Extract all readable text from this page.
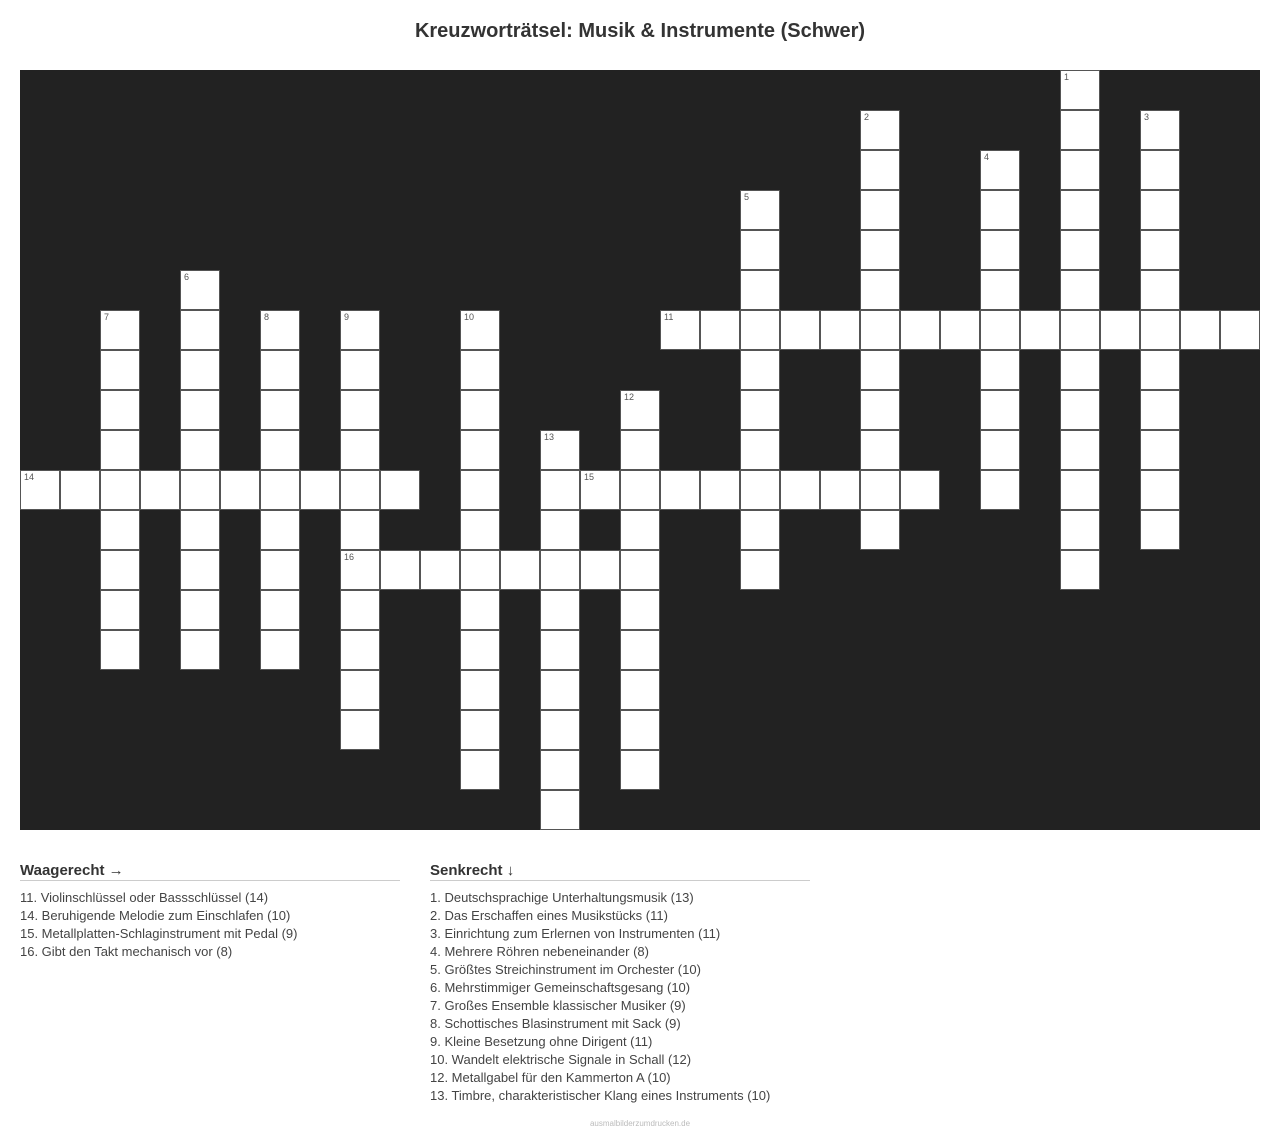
Kreuzworträtsel: Musik & Instrumente (Schwer)
1
2	3
4
5
6
7	8	9
16
10	11
12
13
14	15
Waagerecht →
11. Violinschlüssel oder Bassschlüssel (14)
14. Beruhigende Melodie zum Einschlafen (10)
15. Metallplatten-Schlaginstrument mit Pedal (9)
16. Gibt den Takt mechanisch vor (8)
Senkrecht ↓
1. Deutschsprachige Unterhaltungsmusik (13)
2. Das Erschaffen eines Musikstücks (11)
3. Einrichtung zum Erlernen von Instrumenten (11)
4. Mehrere Röhren nebeneinander (8)
5. Größtes Streichinstrument im Orchester (10)
6. Mehrstimmiger Gemeinschaftsgesang (10)
7. Großes Ensemble klassischer Musiker (9)
8. Schottisches Blasinstrument mit Sack (9)
9. Kleine Besetzung ohne Dirigent (11)
10. Wandelt elektrische Signale in Schall (12)
12. Metallgabel für den Kammerton A (10)
13. Timbre, charakteristischer Klang eines Instruments (10)
ausmalbilderzumdrucken.de
